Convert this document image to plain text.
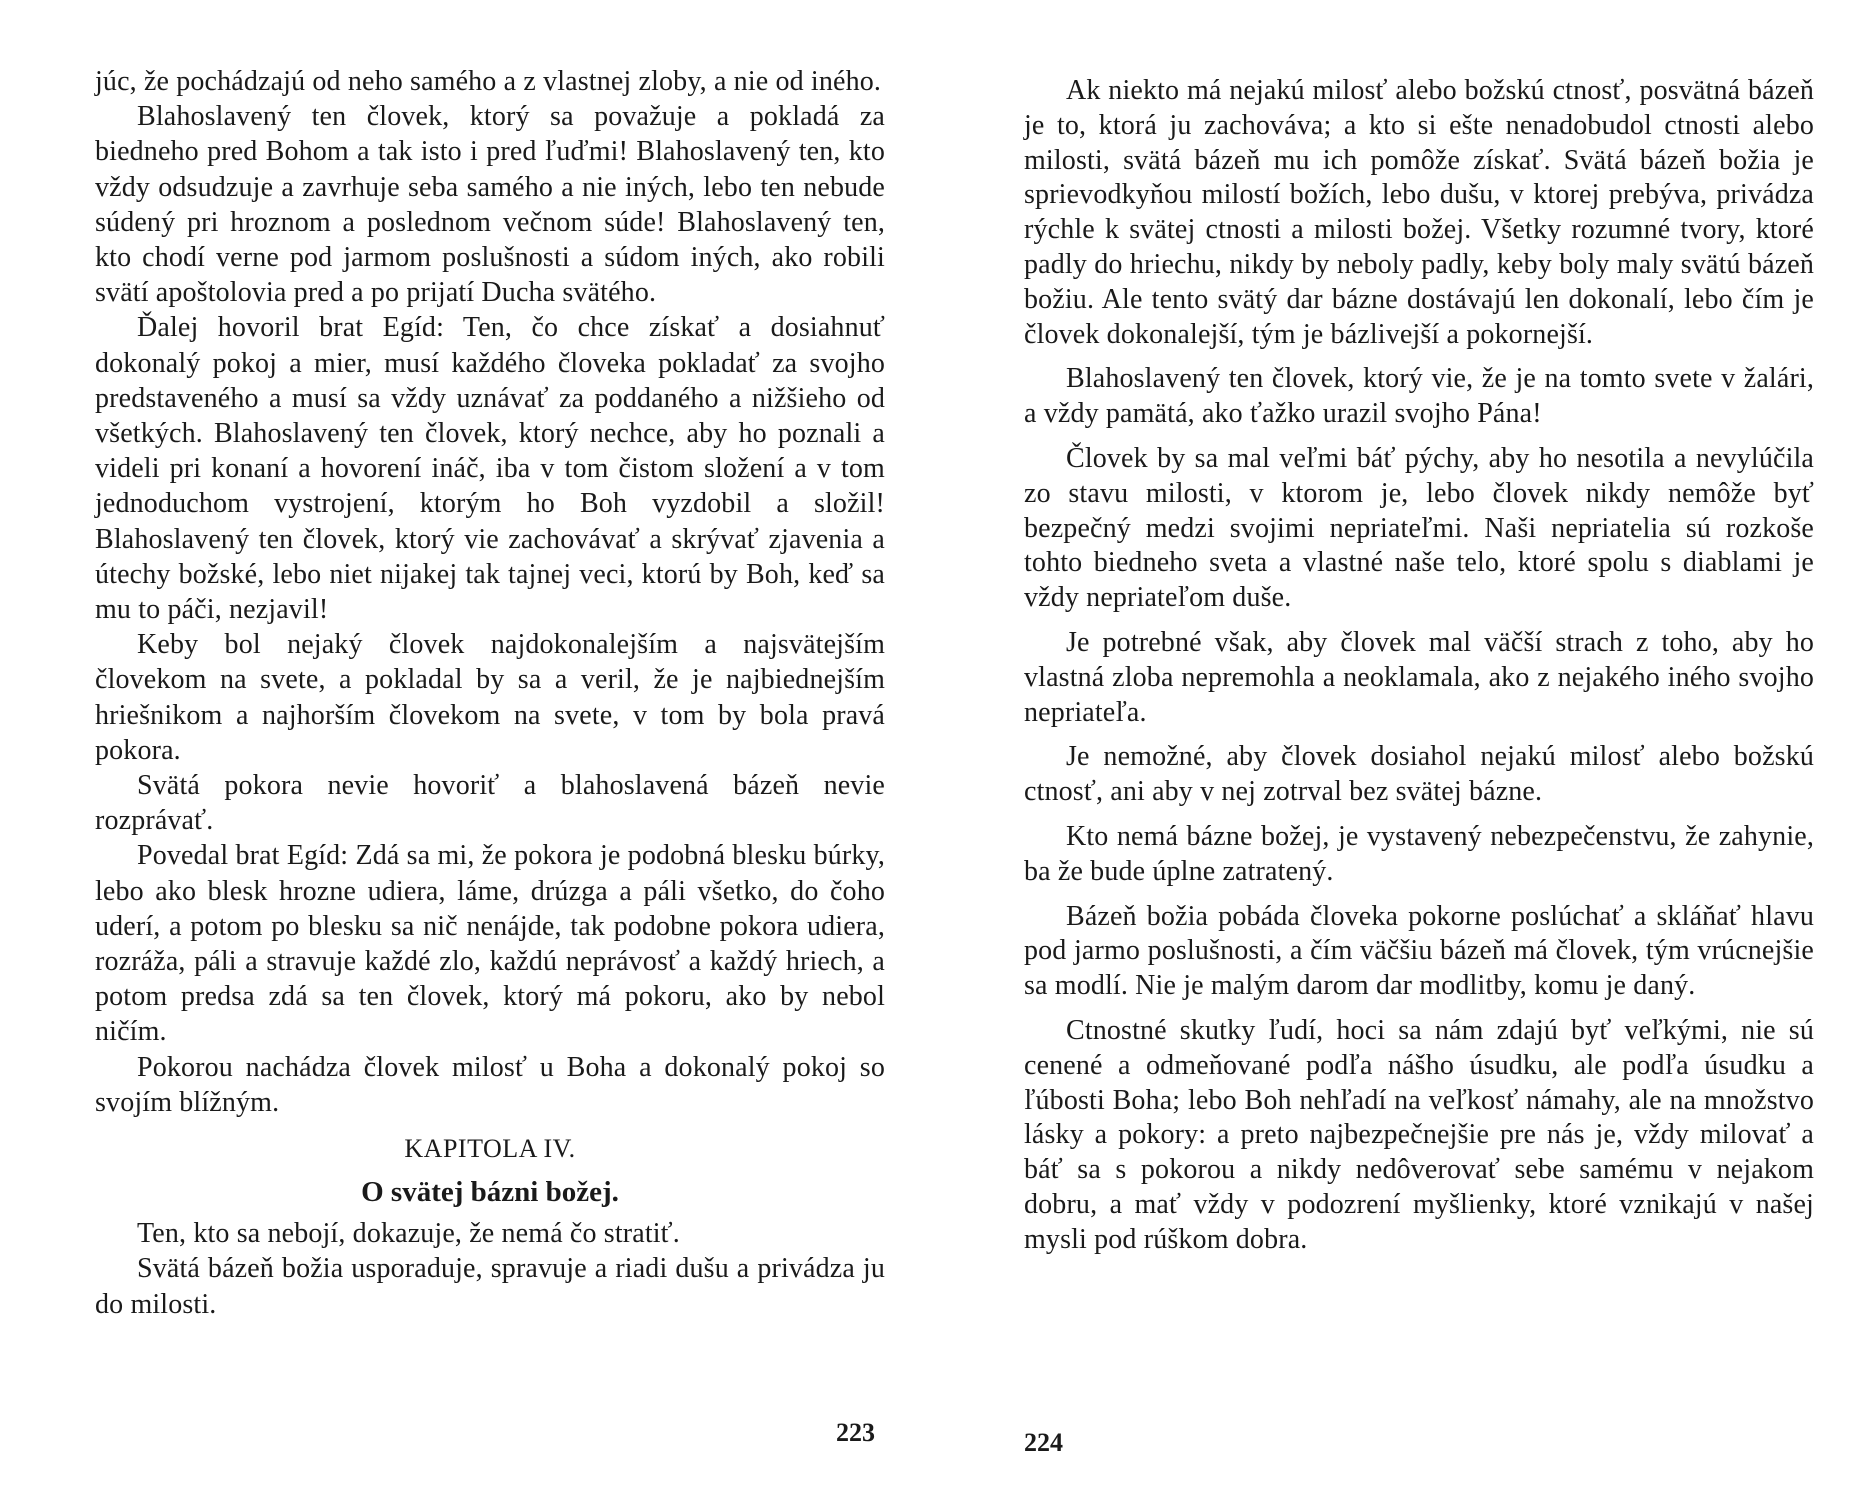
júc, že pochádzajú od neho samého a z vlastnej zloby, a nie od iného.

Blahoslavený ten človek, ktorý sa považuje a pokladá za biedneho pred Bohom a tak isto i pred ľuďmi! Blahoslavený ten, kto vždy odsudzuje a zavrhuje seba samého a nie iných, lebo ten nebude súdený pri hroznom a poslednom večnom súde! Blahoslavený ten, kto chodí verne pod jarmom poslušnosti a súdom iných, ako robili svätí apoštolovia pred a po prijatí Ducha svätého.

Ďalej hovoril brat Egíd: Ten, čo chce získať a dosiahnuť dokonalý pokoj a mier, musí každého človeka pokladať za svojho predstaveného a musí sa vždy uznávať za poddaného a nižšieho od všetkých. Blahoslavený ten človek, ktorý nechce, aby ho poznali a videli pri konaní a hovorení ináč, iba v tom čistom složení a v tom jednoduchom vystrojení, ktorým ho Boh vyzdobil a složil! Blahoslavený ten človek, ktorý vie zachovávať a skrývať zjavenia a útechy božské, lebo niet nijakej tak tajnej veci, ktorú by Boh, keď sa mu to páči, nezjavil!

Keby bol nejaký človek najdokonalejším a najsvätejším človekom na svete, a pokladal by sa a veril, že je najbiednejším hriešnikom a najhorším človekom na svete, v tom by bola pravá pokora.

Svätá pokora nevie hovoriť a blahoslavená bázeň nevie rozprávať.

Povedal brat Egíd: Zdá sa mi, že pokora je podobná blesku búrky, lebo ako blesk hrozne udiera, láme, drúzga a páli všetko, do čoho uderí, a potom po blesku sa nič nenájde, tak podobne pokora udiera, rozráža, páli a stravuje každé zlo, každú neprávosť a každý hriech, a potom predsa zdá sa ten človek, ktorý má pokoru, ako by nebol ničím.

Pokorou nachádza človek milosť u Boha a dokonalý pokoj so svojím blížným.

KAPITOLA IV.
O svätej bázni božej.

Ten, kto sa nebojí, dokazuje, že nemá čo stratiť.

Svätá bázeň božia usporaduje, spravuje a riadi dušu a privádza ju do milosti.

223

Ak niekto má nejakú milosť alebo božskú ctnosť, posvätná bázeň je to, ktorá ju zachováva; a kto si ešte nenadobudol ctnosti alebo milosti, svätá bázeň mu ich pomôže získať. Svätá bázeň božia je sprievodkyňou milostí božích, lebo dušu, v ktorej prebýva, privádza rýchle k svätej ctnosti a milosti božej. Všetky rozumné tvory, ktoré padly do hriechu, nikdy by neboly padly, keby boly maly svätú bázeň božiu. Ale tento svätý dar bázne dostávajú len dokonalí, lebo čím je človek dokonalejší, tým je bázlivejší a pokornejší.

Blahoslavený ten človek, ktorý vie, že je na tomto svete v žalári, a vždy pamätá, ako ťažko urazil svojho Pána!

Človek by sa mal veľmi báť pýchy, aby ho nesotila a nevylúčila zo stavu milosti, v ktorom je, lebo človek nikdy nemôže byť bezpečný medzi svojimi nepriateľmi. Naši nepriatelia sú rozkoše tohto biedneho sveta a vlastné naše telo, ktoré spolu s diablami je vždy nepriateľom duše.

Je potrebné však, aby človek mal väčší strach z toho, aby ho vlastná zloba nepremohla a neoklamala, ako z nejakého iného svojho nepriateľa.

Je nemožné, aby človek dosiahol nejakú milosť alebo božskú ctnosť, ani aby v nej zotrval bez svätej bázne.

Kto nemá bázne božej, je vystavený nebezpečenstvu, že zahynie, ba že bude úplne zatratený.

Bázeň božia pobáda človeka pokorne poslúchať a skláňať hlavu pod jarmo poslušnosti, a čím väčšiu bázeň má človek, tým vrúcnejšie sa modlí. Nie je malým darom dar modlitby, komu je daný.

Ctnostné skutky ľudí, hoci sa nám zdajú byť veľkými, nie sú cenené a odmeňované podľa nášho úsudku, ale podľa úsudku a ľúbosti Boha; lebo Boh nehľadí na veľkosť námahy, ale na množstvo lásky a pokory: a preto najbezpečnejšie pre nás je, vždy milovať a báť sa s pokorou a nikdy nedôverovať sebe samému v nejakom dobru, a mať vždy v podozrení myšlienky, ktoré vznikajú v našej mysli pod rúškom dobra.

224
